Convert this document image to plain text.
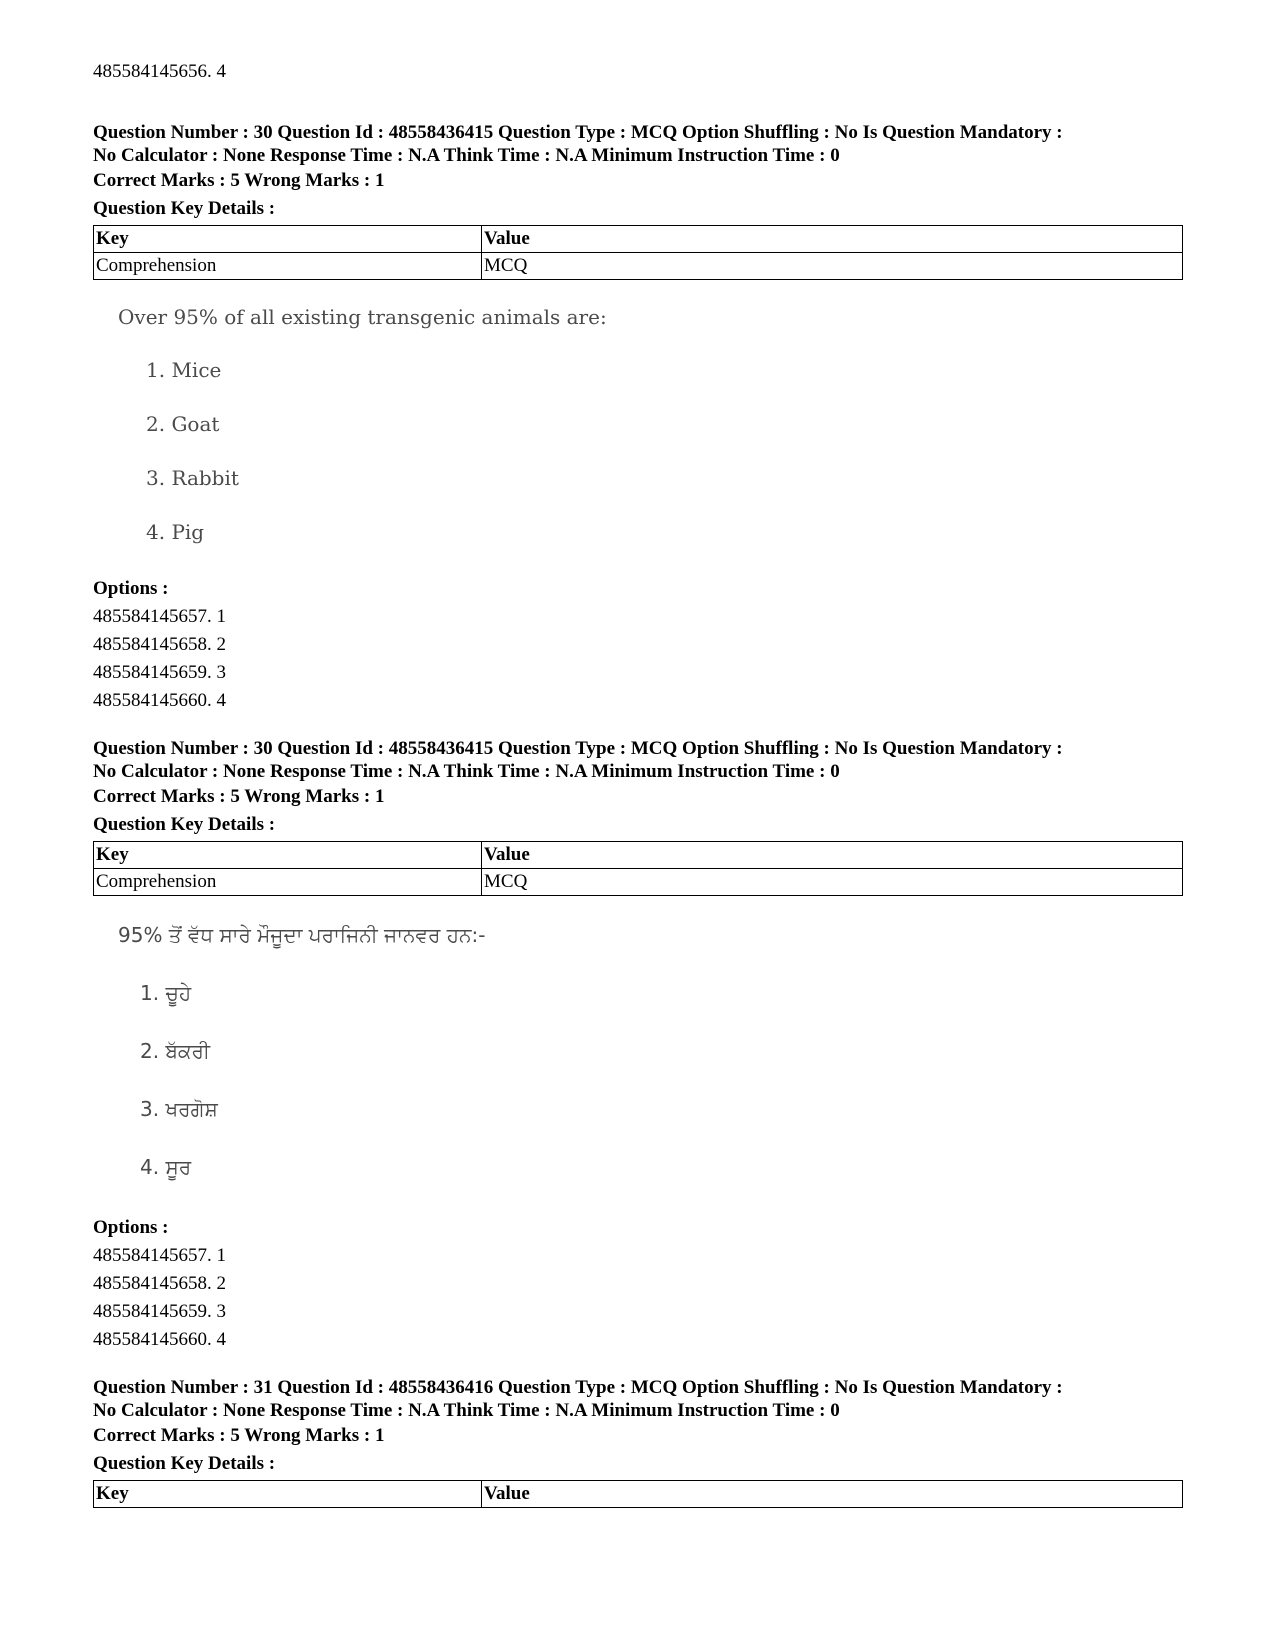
485584145656. 4
Question Number : 30 Question Id : 48558436415 Question Type : MCQ Option Shuffling : No Is Question Mandatory :
No Calculator : None Response Time : N.A Think Time : N.A Minimum Instruction Time : 0
Correct Marks : 5 Wrong Marks : 1
Question Key Details :
Key	Value
Comprehension	MCQ
Over 95% of all existing transgenic animals are:
1. Mice
2. Goat
3. Rabbit
4. Pig
Options :
485584145657. 1
485584145658. 2
485584145659. 3
485584145660. 4
Question Number : 30 Question Id : 48558436415 Question Type : MCQ Option Shuffling : No Is Question Mandatory :
No Calculator : None Response Time : N.A Think Time : N.A Minimum Instruction Time : 0
Correct Marks : 5 Wrong Marks : 1
Question Key Details :
Key	Value
Comprehension	MCQ
95% ਤੋਂ ਵੱਧ ਸਾਰੇ ਮੌਜੂਦਾ ਪਰਾਜਿਨੀ ਜਾਨਵਰ ਹਨ:-
1. ਚੂਹੇ
2. ਬੱਕਰੀ
3. ਖਰਗੋਸ਼
4. ਸੂਰ
Options :
485584145657. 1
485584145658. 2
485584145659. 3
485584145660. 4
Question Number : 31 Question Id : 48558436416 Question Type : MCQ Option Shuffling : No Is Question Mandatory :
No Calculator : None Response Time : N.A Think Time : N.A Minimum Instruction Time : 0
Correct Marks : 5 Wrong Marks : 1
Question Key Details :
Key	Value
